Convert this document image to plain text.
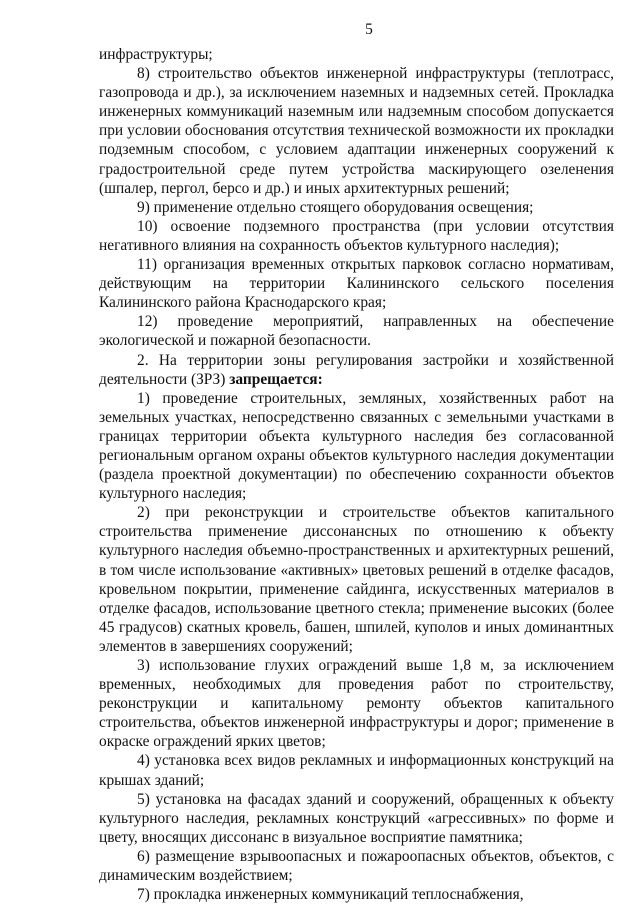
5

инфраструктуры;

8) строительство объектов инженерной инфраструктуры (теплотрасс, газопровода и др.), за исключением наземных и надземных сетей. Прокладка инженерных коммуникаций наземным или надземным способом допускается при условии обоснования отсутствия технической возможности их прокладки подземным способом, с условием адаптации инженерных сооружений к градостроительной среде путем устройства маскирующего озеленения (шпалер, пергол, берсо и др.) и иных архитектурных решений;

9) применение отдельно стоящего оборудования освещения;

10) освоение подземного пространства (при условии отсутствия негативного влияния на сохранность объектов культурного наследия);

11) организация временных открытых парковок согласно нормативам, действующим на территории Калининского сельского поселения Калининского района Краснодарского края;

12) проведение мероприятий, направленных на обеспечение экологической и пожарной безопасности.

2. На территории зоны регулирования застройки и хозяйственной деятельности (ЗРЗ) запрещается:

1) проведение строительных, земляных, хозяйственных работ на земельных участках, непосредственно связанных с земельными участками в границах территории объекта культурного наследия без согласованной региональным органом охраны объектов культурного наследия документации (раздела проектной документации) по обеспечению сохранности объектов культурного наследия;

2) при реконструкции и строительстве объектов капитального строительства применение диссонансных по отношению к объекту культурного наследия объемно-пространственных и архитектурных решений, в том числе использование «активных» цветовых решений в отделке фасадов, кровельном покрытии, применение сайдинга, искусственных материалов в отделке фасадов, использование цветного стекла; применение высоких (более 45 градусов) скатных кровель, башен, шпилей, куполов и иных доминантных элементов в завершениях сооружений;

3) использование глухих ограждений выше 1,8 м, за исключением временных, необходимых для проведения работ по строительству, реконструкции и капитальному ремонту объектов капитального строительства, объектов инженерной инфраструктуры и дорог; применение в окраске ограждений ярких цветов;

4) установка всех видов рекламных и информационных конструкций на крышах зданий;

5) установка на фасадах зданий и сооружений, обращенных к объекту культурного наследия, рекламных конструкций «агрессивных» по форме и цвету, вносящих диссонанс в визуальное восприятие памятника;

6) размещение взрывоопасных и пожароопасных объектов, объектов, с динамическим воздействием;

7) прокладка инженерных коммуникаций теплоснабжения,
